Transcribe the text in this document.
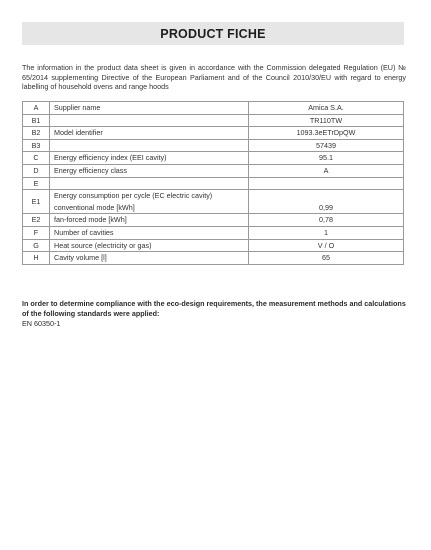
PRODUCT FICHE

The information in the product data sheet is given in accordance with the Commission delegated Regulation (EU) № 65/2014 supplementing Directive of the European Parliament and of the Council 2010/30/EU with regard to energy labelling of household ovens and range hoods

A	Supplier name	Amica S.A.
B1		TR110TW
B2	Model identifier	1093.3eETrDpQW
B3		57439
C	Energy efficiency index (EEI cavity)	95.1
D	Energy efficiency class	A
E		
E1	Energy consumption per cycle (EC electric cavity)
conventional mode [kWh]	0,99
E2	fan-forced mode [kWh]	0,78
F	Number of cavities	1
G	Heat source (electricity or gas)	V / O
H	Cavity volume [l]	65

In order to determine compliance with the eco-design requirements, the measurement methods and calculations of the following standards were applied:

EN 60350-1
